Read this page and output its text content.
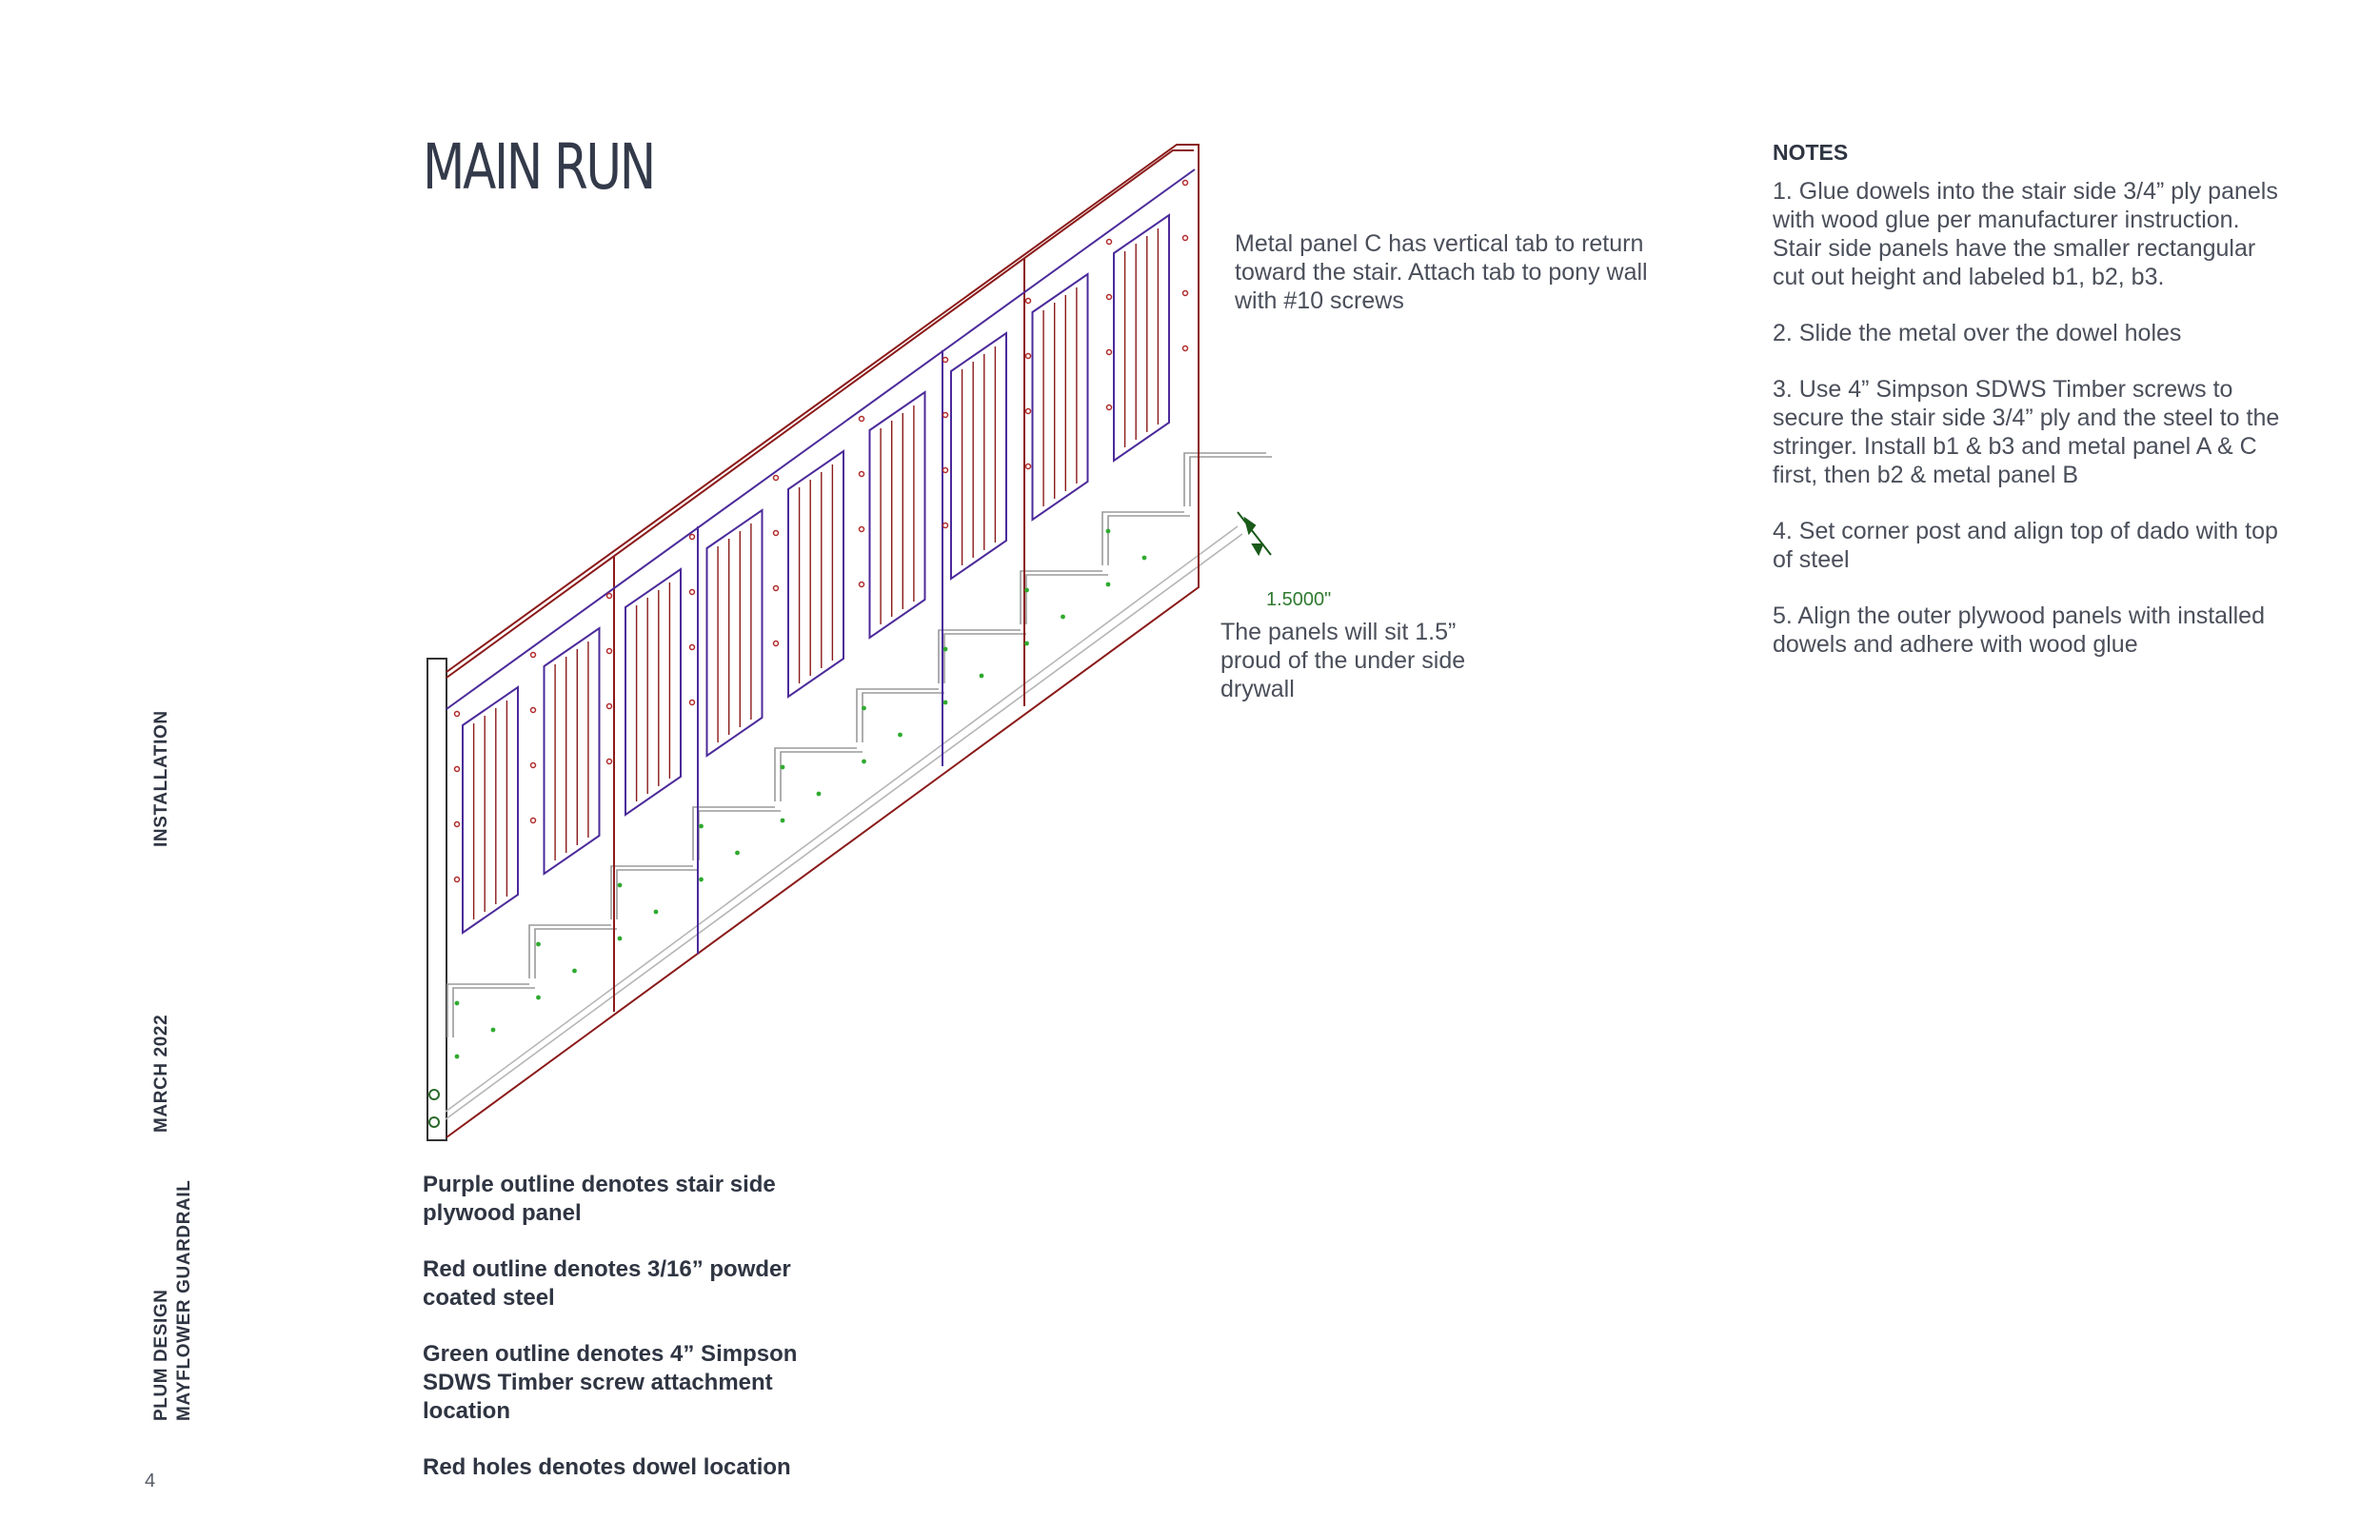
INSTALLATION
MARCH 2022
PLUM DESIGN MAYFLOWER GUARDRAIL
4
MAIN RUN
Metal panel C has vertical tab to return toward the stair. Attach tab to pony wall with #10 screws
1.5000"
The panels will sit 1.5” proud of the under side drywall
NOTES

1. Glue dowels into the stair side 3/4” ply panels with wood glue per manufacturer instruction. Stair side panels have the smaller rectangular cut out height and labeled b1, b2, b3.

2. Slide the metal over the dowel holes

3. Use 4” Simpson SDWS Timber screws to secure the stair side 3/4” ply and the steel to the stringer. Install b1 & b3 and metal panel A & C first, then b2 & metal panel B

4. Set corner post and align top of dado with top of steel

5. Align the outer plywood panels with installed dowels and adhere with wood glue

Purple outline denotes stair side plywood panel

Red outline denotes 3/16” powder coated steel

Green outline denotes 4” Simpson SDWS Timber screw attachment location

Red holes denotes dowel location
